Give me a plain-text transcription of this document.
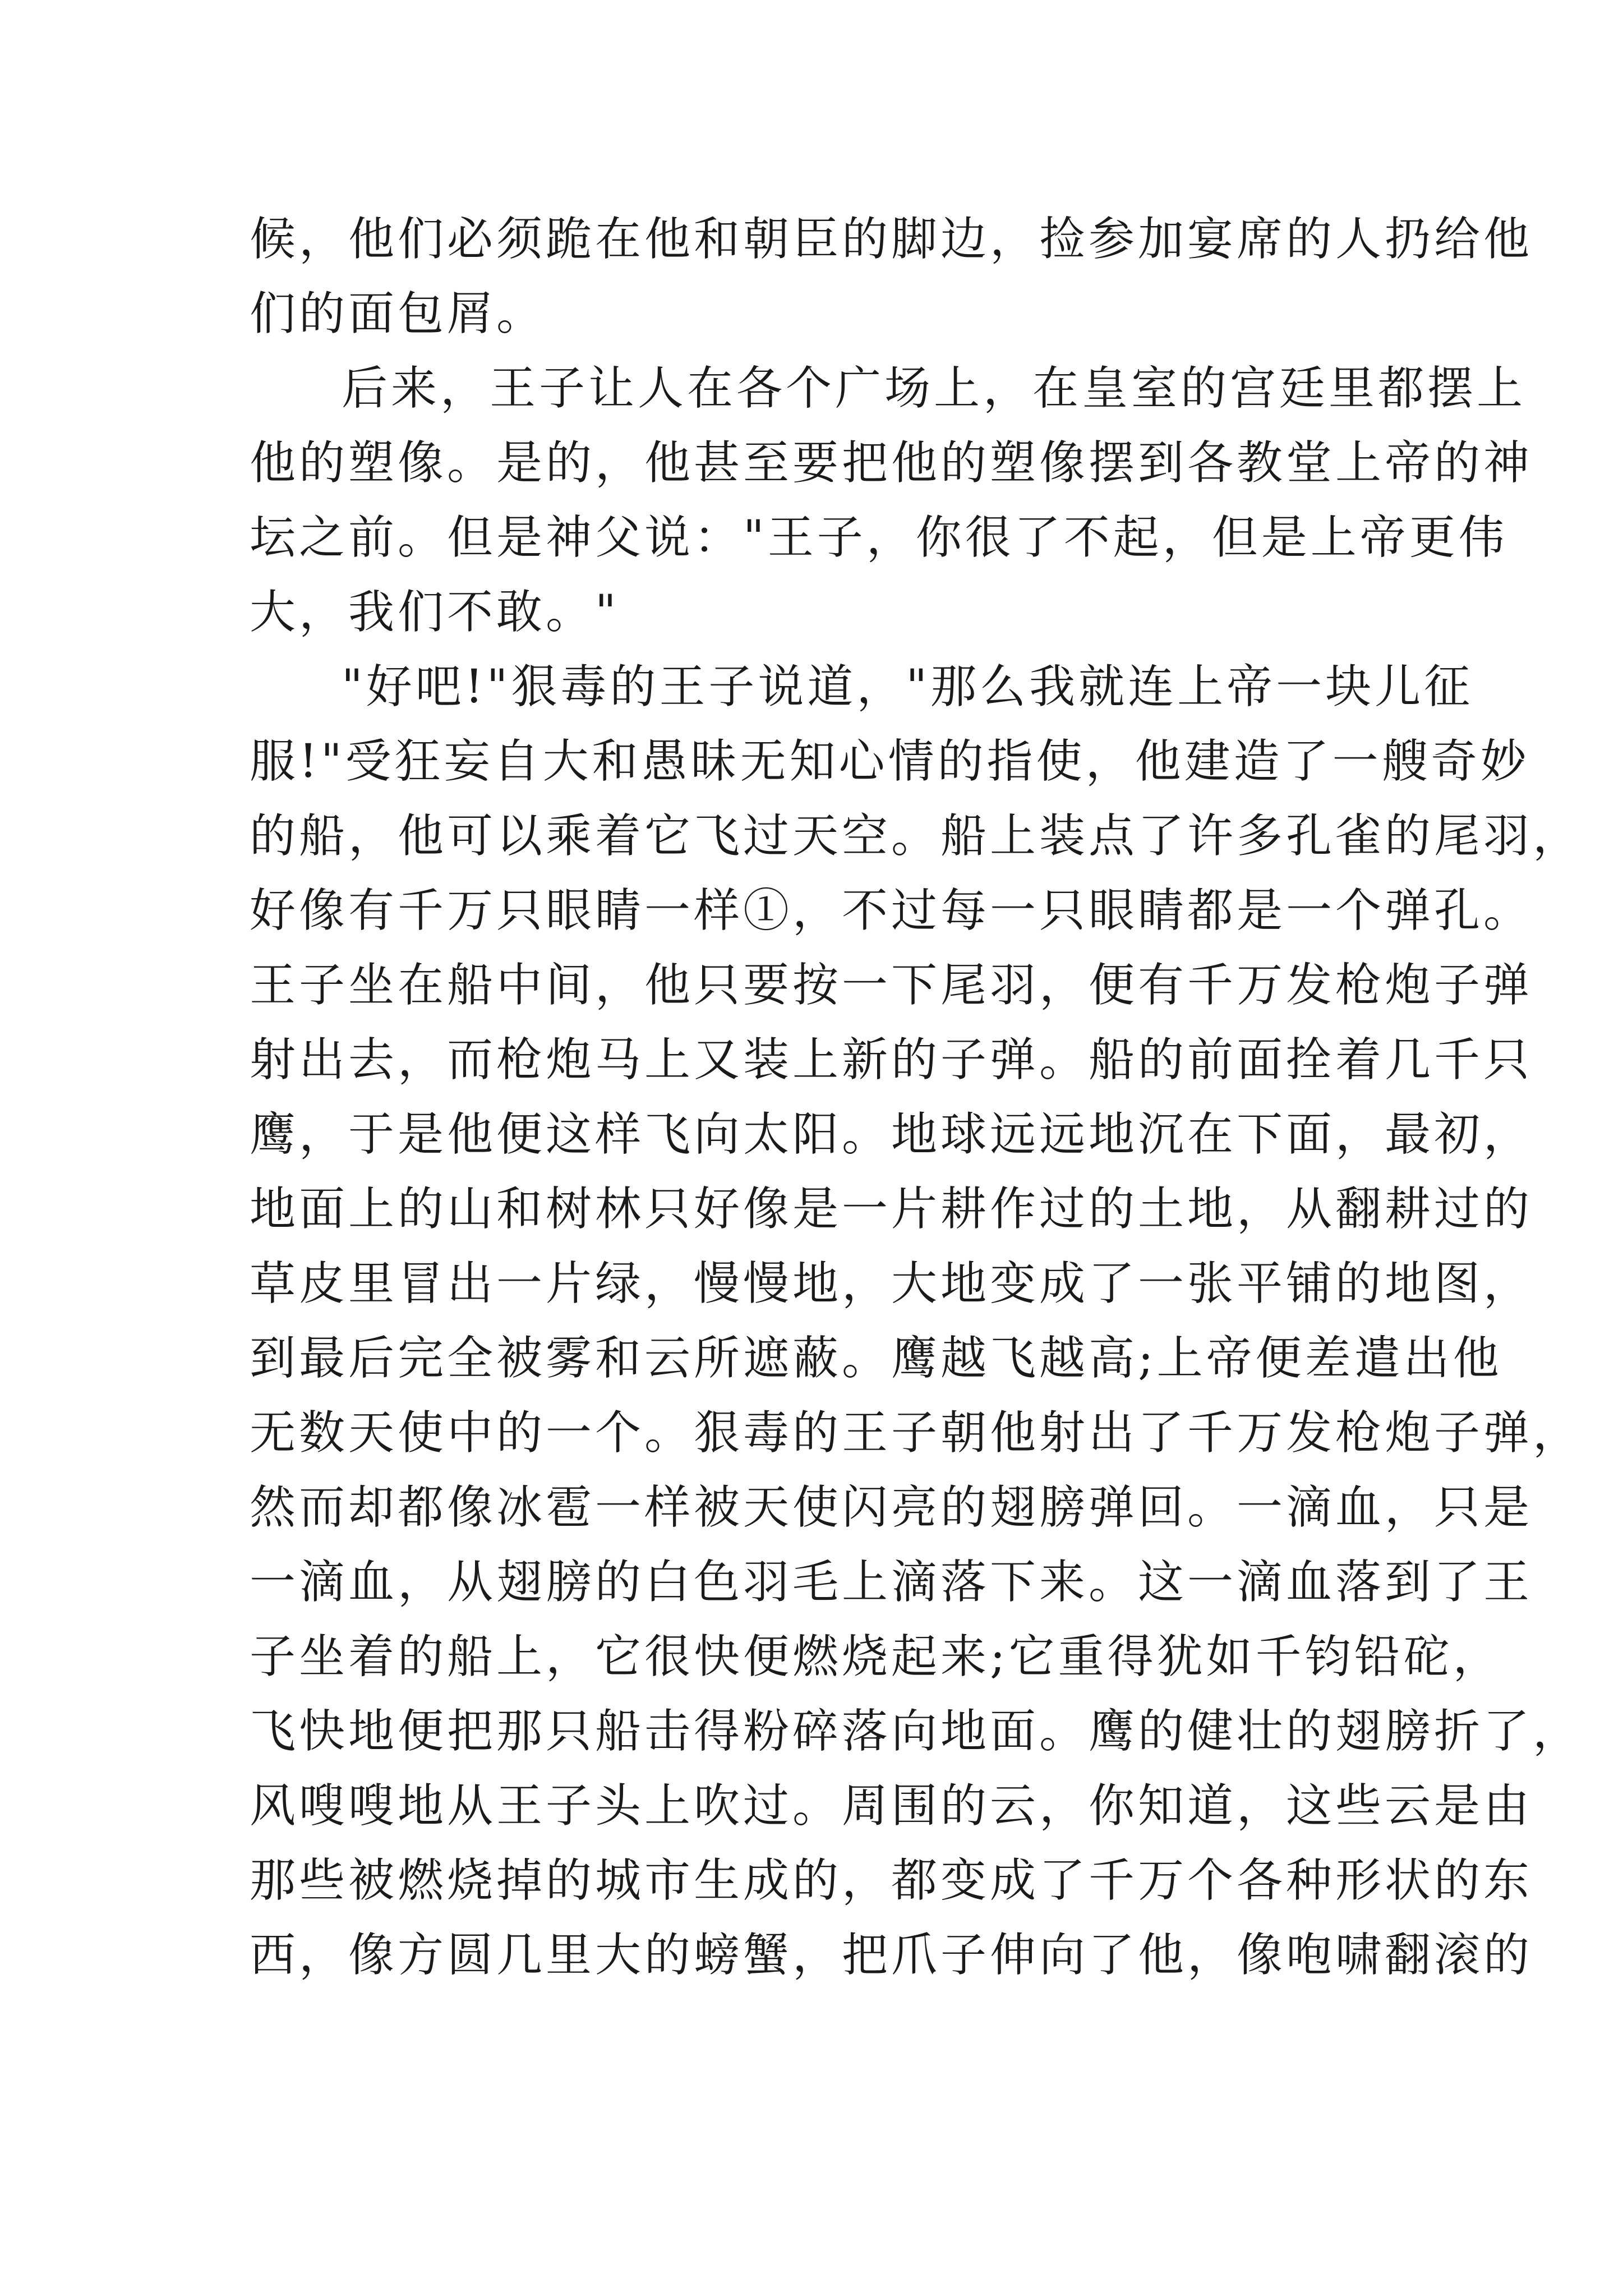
候，他们必须跪在他和朝臣的脚边，捡参加宴席的人扔给他
们的面包屑。
后来，王子让人在各个广场上，在皇室的宫廷里都摆上
他的塑像。是的，他甚至要把他的塑像摆到各教堂上帝的神
坛之前。但是神父说："王子，你很了不起，但是上帝更伟
大，我们不敢。"
"好吧!"狠毒的王子说道，"那么我就连上帝一块儿征
服!"受狂妄自大和愚昧无知心情的指使，他建造了一艘奇妙
的船，他可以乘着它飞过天空。船上装点了许多孔雀的尾羽，
好像有千万只眼睛一样①，不过每一只眼睛都是一个弹孔。
王子坐在船中间，他只要按一下尾羽，便有千万发枪炮子弹
射出去，而枪炮马上又装上新的子弹。船的前面拴着几千只
鹰，于是他便这样飞向太阳。地球远远地沉在下面，最初，
地面上的山和树林只好像是一片耕作过的土地，从翻耕过的
草皮里冒出一片绿，慢慢地，大地变成了一张平铺的地图，
到最后完全被雾和云所遮蔽。鹰越飞越高;上帝便差遣出他
无数天使中的一个。狠毒的王子朝他射出了千万发枪炮子弹，
然而却都像冰雹一样被天使闪亮的翅膀弹回。一滴血，只是
一滴血，从翅膀的白色羽毛上滴落下来。这一滴血落到了王
子坐着的船上，它很快便燃烧起来;它重得犹如千钧铅砣，
飞快地便把那只船击得粉碎落向地面。鹰的健壮的翅膀折了，
风嗖嗖地从王子头上吹过。周围的云，你知道，这些云是由
那些被燃烧掉的城市生成的，都变成了千万个各种形状的东
西，像方圆几里大的螃蟹，把爪子伸向了他，像咆啸翻滚的
